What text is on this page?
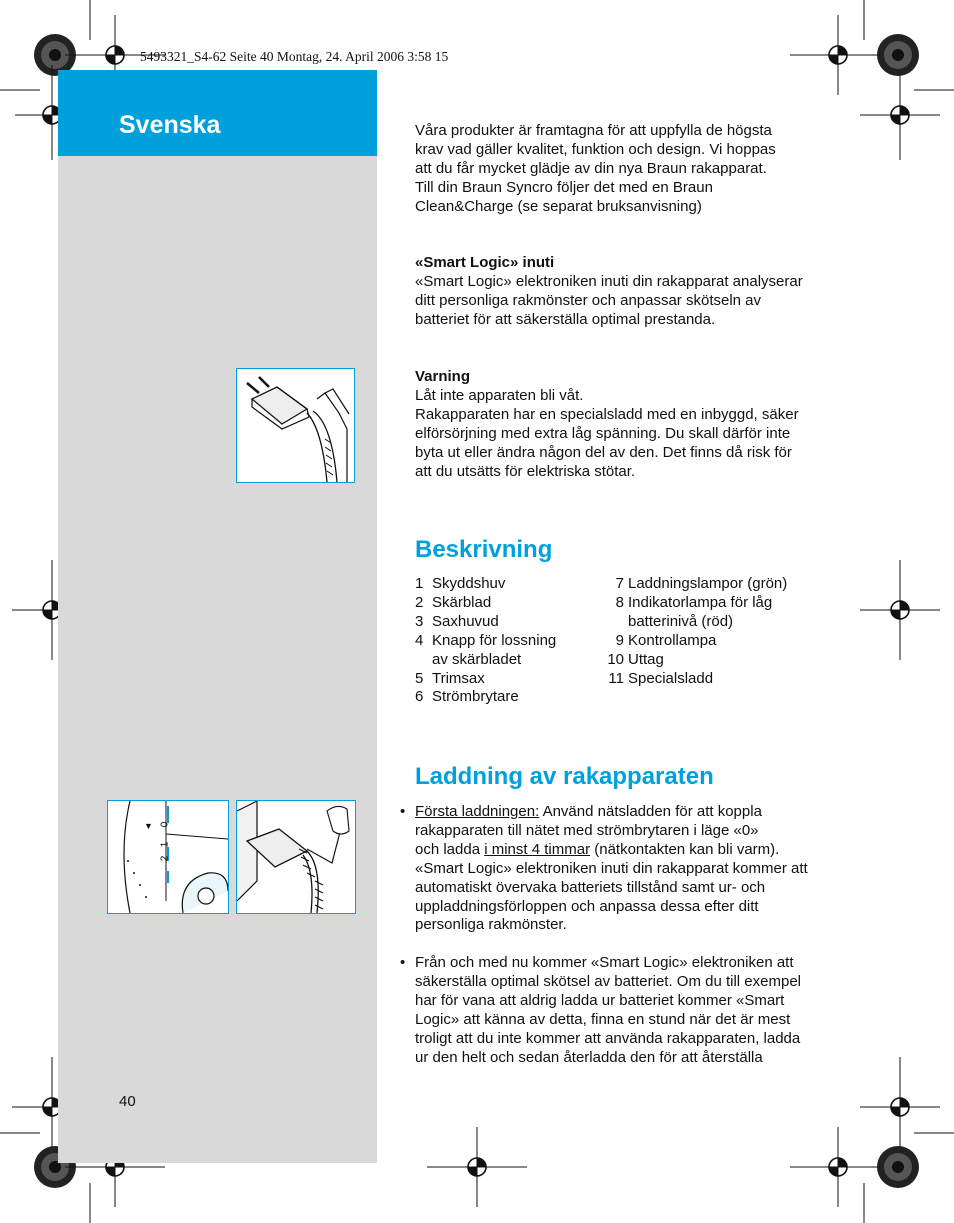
5493321_S4-62 Seite 40 Montag, 24. April 2006 3:58 15
Svenska
▼ 0
1
2

Våra produkter är framtagna för att uppfylla de högsta

krav vad gäller kvalitet, funktion och design. Vi hoppas

att du får mycket glädje av din nya Braun rakapparat.

Till din Braun Syncro följer det med en Braun

Clean&Charge (se separat bruksanvisning)

«Smart Logic» inuti

«Smart Logic» elektroniken inuti din rakapparat analyserar

ditt personliga rakmönster och anpassar skötseln av

batteriet för att säkerställa optimal prestanda.

Varning

Låt inte apparaten bli våt.

Rakapparaten har en specialsladd med en inbyggd, säker

elförsörjning med extra låg spänning. Du skall därför inte

byta ut eller ändra någon del av den. Det finns då risk för

att du utsätts för elektriska stötar.

Beskrivning
1 Skyddshuv
2 Skärblad
3 Saxhuvud
4 Knapp för lossning
av skärbladet
5 Trimsax
6 Strömbrytare
7 Laddningslampor (grön)
8 Indikatorlampa för låg
batterinivå (röd)
9 Kontrollampa
10 Uttag
11 Specialsladd
Laddning av rakapparaten
• Första laddningen: Använd nätsladden för att koppla

rakapparaten till nätet med strömbrytaren i läge «0»

och ladda i minst 4 timmar (nätkontakten kan bli varm).

«Smart Logic» elektroniken inuti din rakapparat kommer att

automatiskt övervaka batteriets tillstånd samt ur- och

uppladdningsförloppen och anpassa dessa efter ditt

personliga rakmönster.

• Från och med nu kommer «Smart Logic» elektroniken att

säkerställa optimal skötsel av batteriet. Om du till exempel

har för vana att aldrig ladda ur batteriet kommer «Smart

Logic» att känna av detta, finna en stund när det är mest

troligt att du inte kommer att använda rakapparaten, ladda

ur den helt och sedan återladda den för att återställa

40
